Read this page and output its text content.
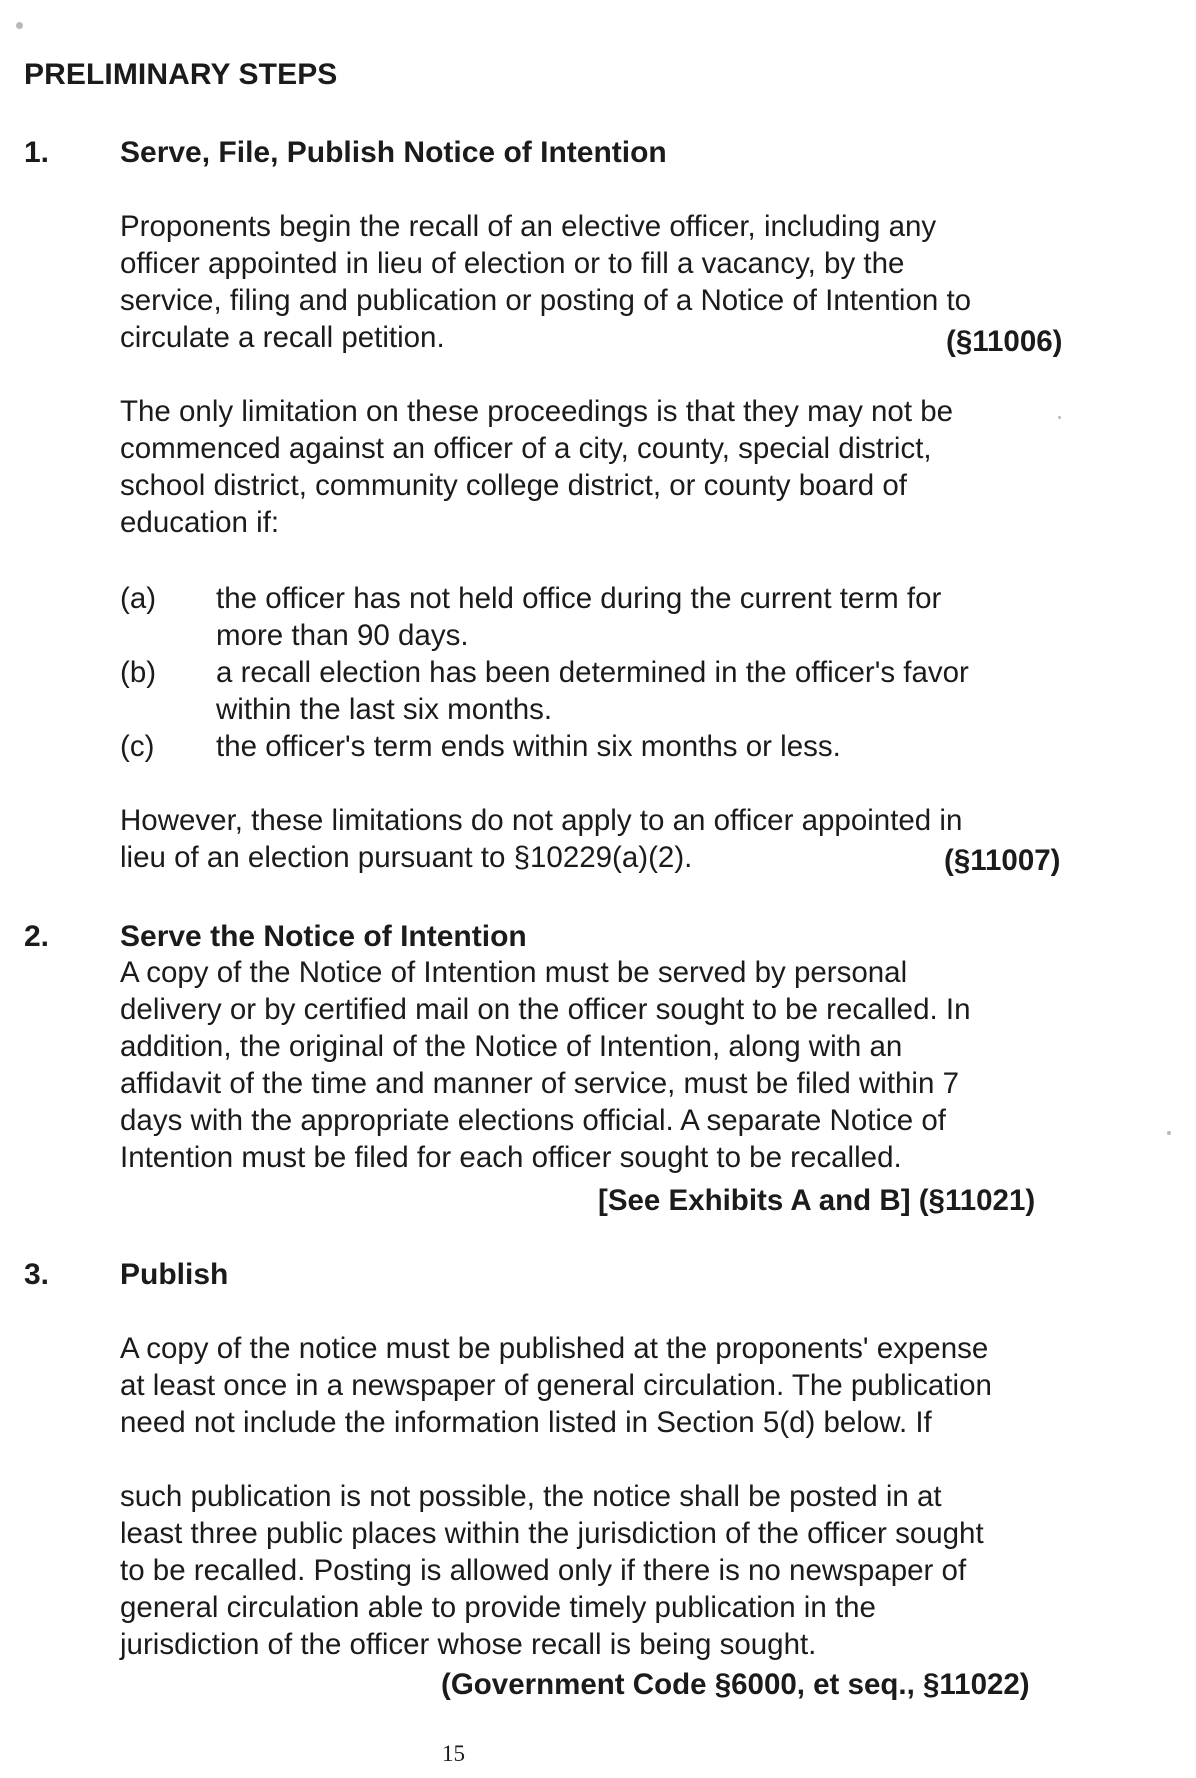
PRELIMINARY STEPS
1. Serve, File, Publish Notice of Intention
Proponents begin the recall of an elective officer, including any
officer appointed in lieu of election or to fill a vacancy, by the
service, filing and publication or posting of a Notice of Intention to
circulate a recall petition.	(§11006)
The only limitation on these proceedings is that they may not be
commenced against an officer of a city, county, special district,
school district, community college district, or county board of
education if:
(a) the officer has not held office during the current term for
more than 90 days.
(b) a recall election has been determined in the officer's favor
within the last six months.
(c) the officer's term ends within six months or less.
However, these limitations do not apply to an officer appointed in
lieu of an election pursuant to §10229(a)(2).	(§11007)
2. Serve the Notice of Intention
A copy of the Notice of Intention must be served by personal
delivery or by certified mail on the officer sought to be recalled. In
addition, the original of the Notice of Intention, along with an
affidavit of the time and manner of service, must be filed within 7
days with the appropriate elections official. A separate Notice of
Intention must be filed for each officer sought to be recalled.
[See Exhibits A and B] (§11021)
3. Publish
A copy of the notice must be published at the proponents' expense
at least once in a newspaper of general circulation. The publication
need not include the information listed in Section 5(d) below. If
such publication is not possible, the notice shall be posted in at
least three public places within the jurisdiction of the officer sought
to be recalled. Posting is allowed only if there is no newspaper of
general circulation able to provide timely publication in the
jurisdiction of the officer whose recall is being sought.
(Government Code §6000, et seq., §11022)
15
